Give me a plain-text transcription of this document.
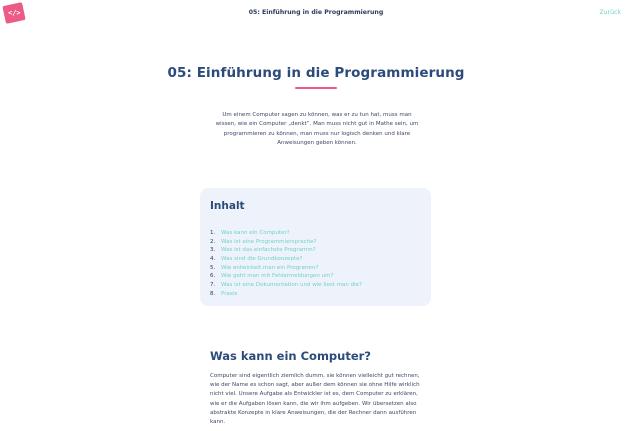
</>	05: Einführung in die Programmierung	Zurück
05: Einführung in die Programmierung

Um einem Computer sagen zu können, was er zu tun hat, muss man wissen, wie ein Computer „denkt“. Man muss nicht gut in Mathe sein, um programmieren zu können, man muss nur logisch denken und klare Anweisungen geben können.

Inhalt
1.	Was kann ein Computer?
2.	Was ist eine Programmiersprache?
3.	Was ist das einfachste Programm?
4.	Was sind die Grundkonzepte?
5.	Wie entwickelt man ein Programm?
6.	Wie geht man mit Fehlermeldungen um?
7.	Was ist eine Dokumentation und wie liest man die?
8.	Praxis
Was kann ein Computer?

Computer sind eigentlich ziemlich dumm, sie können vielleicht gut rechnen, wie der Name es schon sagt, aber außer dem können sie ohne Hilfe wirklich nicht viel. Unsere Aufgabe als Entwickler ist es, dem Computer zu erklären, wie er die Aufgaben lösen kann, die wir ihm aufgeben. Wir übersetzen also abstrakte Konzepte in klare Anweisungen, die der Rechner dann ausführen kann.
